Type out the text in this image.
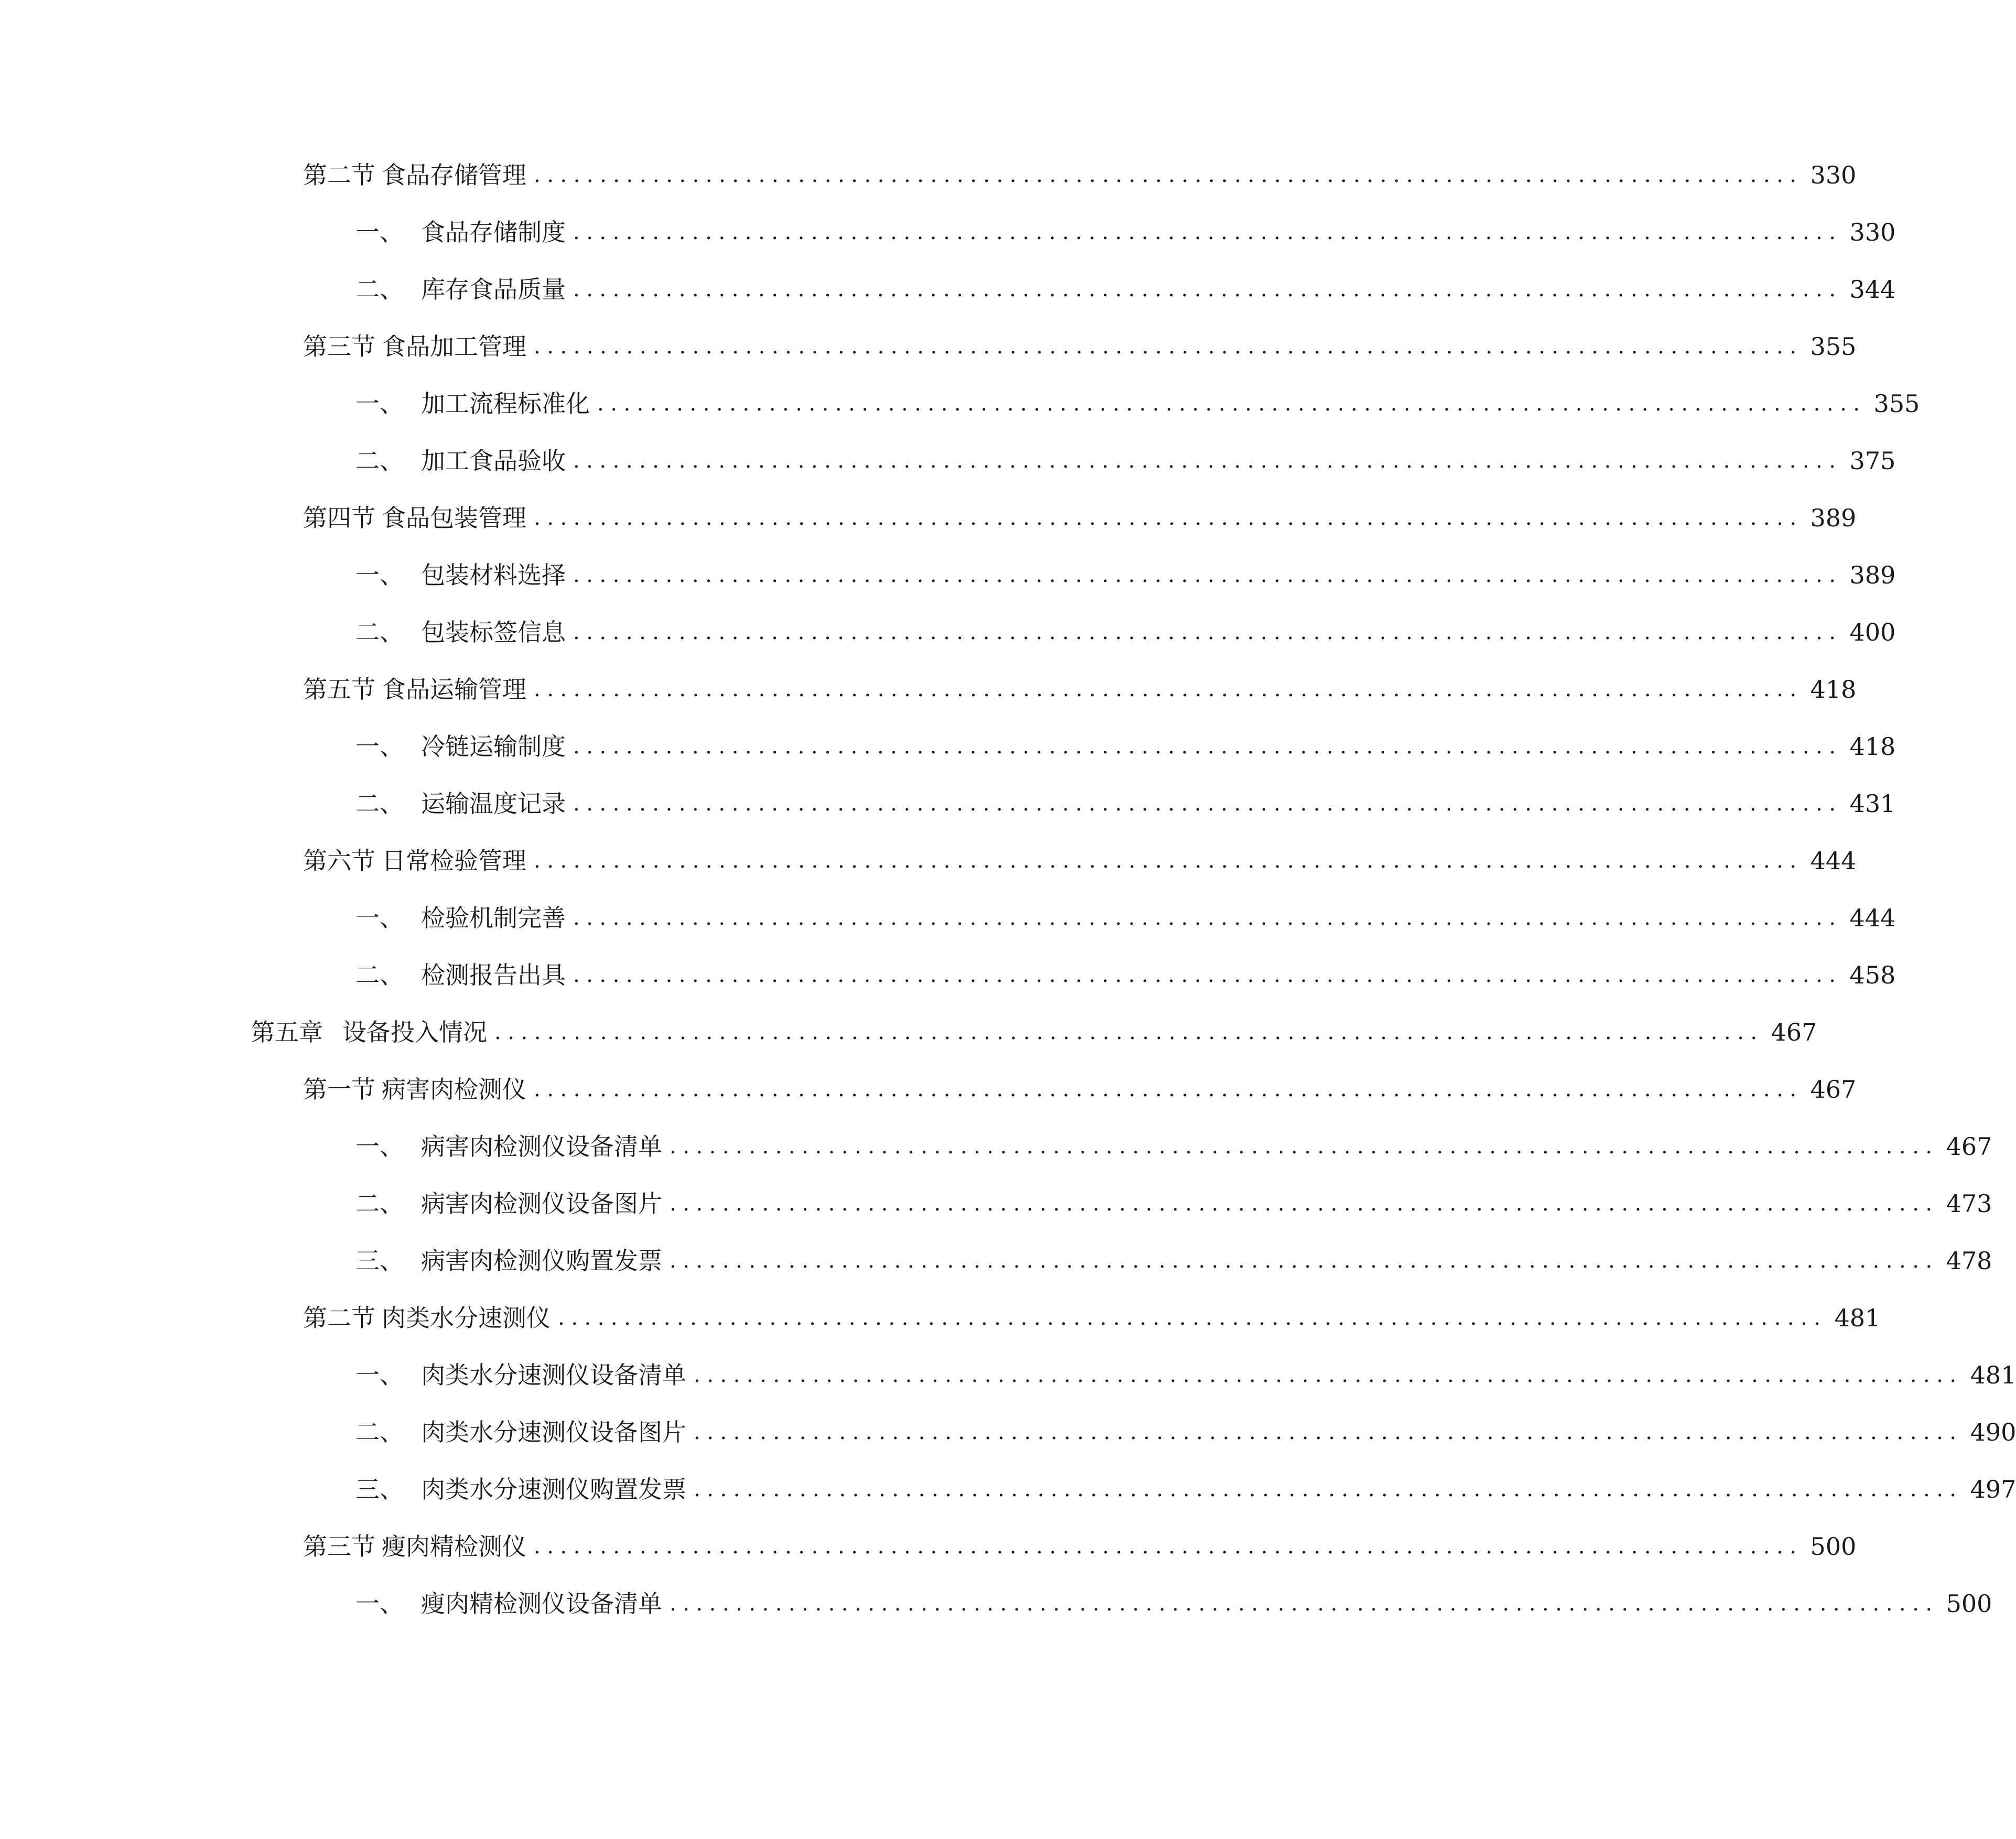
第二节 食品存储管理 ................................................................................................ 330
一、 食品存储制度 ................................................................................................ 330
二、 库存食品质量 ................................................................................................ 344
第三节 食品加工管理 ................................................................................................ 355
一、 加工流程标准化 ................................................................................................ 355
二、 加工食品验收 ................................................................................................ 375
第四节 食品包装管理 ................................................................................................ 389
一、 包装材料选择 ................................................................................................ 389
二、 包装标签信息 ................................................................................................ 400
第五节 食品运输管理 ................................................................................................ 418
一、 冷链运输制度 ................................................................................................ 418
二、 运输温度记录 ................................................................................................ 431
第六节 日常检验管理 ................................................................................................ 444
一、 检验机制完善 ................................................................................................ 444
二、 检测报告出具 ................................................................................................ 458
第五章 设备投入情况 ................................................................................................ 467
第一节 病害肉检测仪 ................................................................................................ 467
一、 病害肉检测仪设备清单 ................................................................................................ 467
二、 病害肉检测仪设备图片 ................................................................................................ 473
三、 病害肉检测仪购置发票 ................................................................................................ 478
第二节 肉类水分速测仪 ................................................................................................ 481
一、 肉类水分速测仪设备清单 ................................................................................................ 481
二、 肉类水分速测仪设备图片 ................................................................................................ 490
三、 肉类水分速测仪购置发票 ................................................................................................ 497
第三节 瘦肉精检测仪 ................................................................................................ 500
一、 瘦肉精检测仪设备清单 ................................................................................................ 500
